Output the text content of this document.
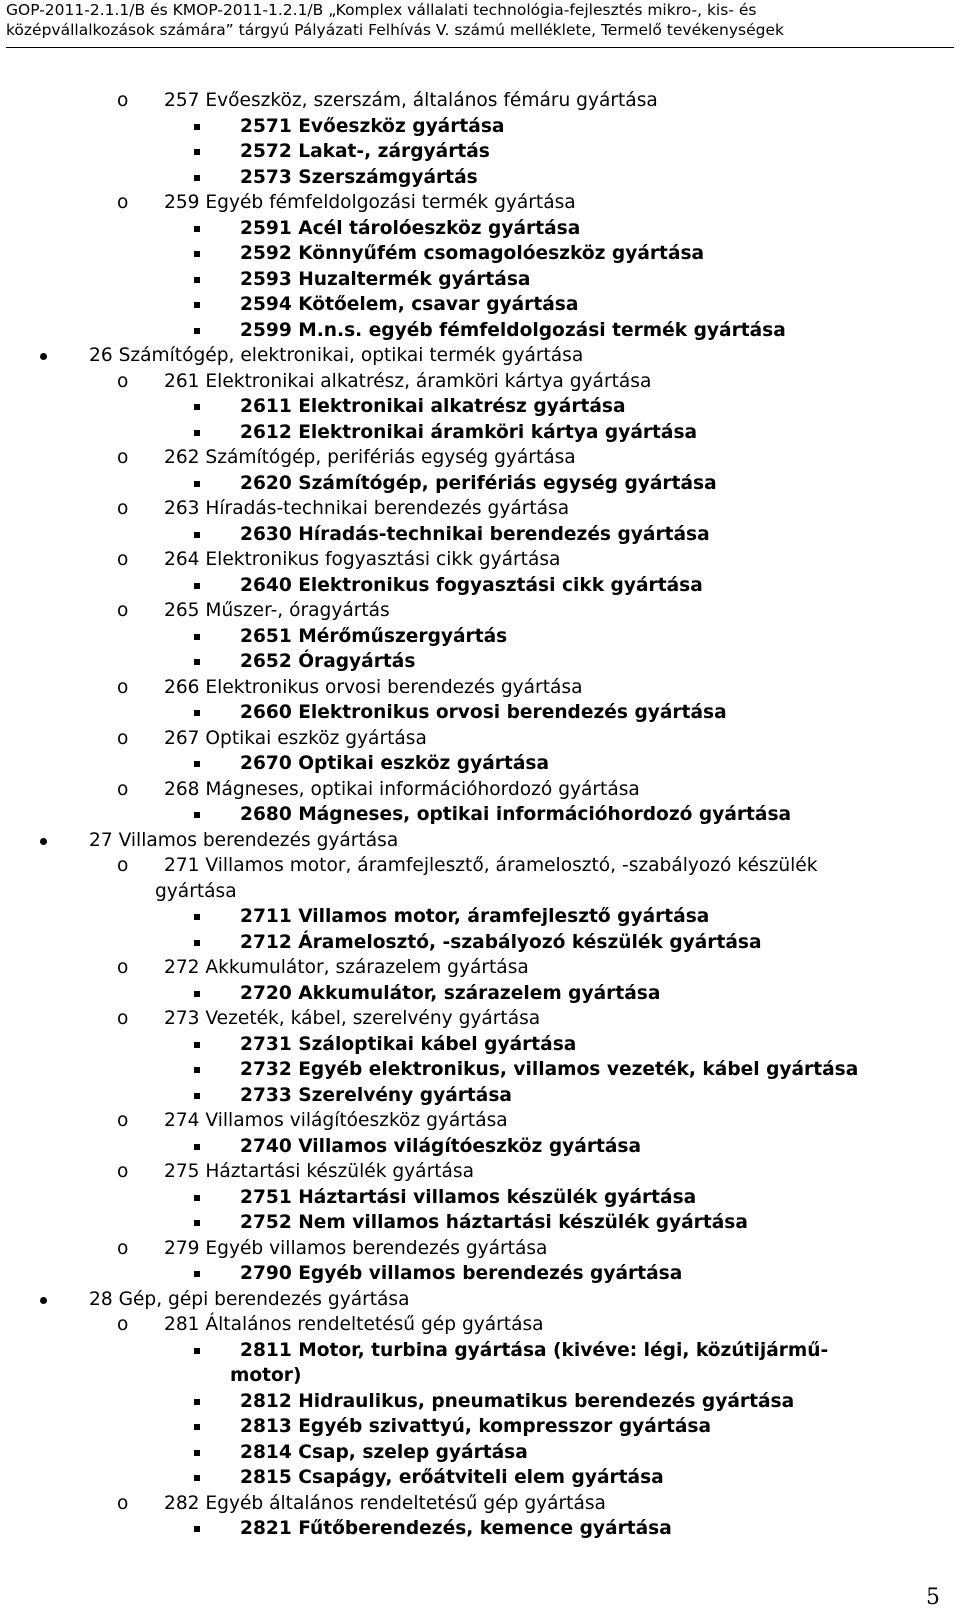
GOP-2011-2.1.1/B és KMOP-2011-1.2.1/B „Komplex vállalati technológia-fejlesztés mikro-, kis- és
középvállalkozások számára” tárgyú Pályázati Felhívás V. számú melléklete, Termelő tevékenységek
o 257 Evőeszköz, szerszám, általános fémáru gyártása
2571 Evőeszköz gyártása
2572 Lakat-, zárgyártás
2573 Szerszámgyártás
o 259 Egyéb fémfeldolgozási termék gyártása
2591 Acél tárolóeszköz gyártása
2592 Könnyűfém csomagolóeszköz gyártása
2593 Huzaltermék gyártása
2594 Kötőelem, csavar gyártása
2599 M.n.s. egyéb fémfeldolgozási termék gyártása
26 Számítógép, elektronikai, optikai termék gyártása
o 261 Elektronikai alkatrész, áramköri kártya gyártása
2611 Elektronikai alkatrész gyártása
2612 Elektronikai áramköri kártya gyártása
o 262 Számítógép, perifériás egység gyártása
2620 Számítógép, perifériás egység gyártása
o 263 Híradás-technikai berendezés gyártása
2630 Híradás-technikai berendezés gyártása
o 264 Elektronikus fogyasztási cikk gyártása
2640 Elektronikus fogyasztási cikk gyártása
o 265 Műszer-, óragyártás
2651 Mérőműszergyártás
2652 Óragyártás
o 266 Elektronikus orvosi berendezés gyártása
2660 Elektronikus orvosi berendezés gyártása
o 267 Optikai eszköz gyártása
2670 Optikai eszköz gyártása
o 268 Mágneses, optikai információhordozó gyártása
2680 Mágneses, optikai információhordozó gyártása
27 Villamos berendezés gyártása
o 271 Villamos motor, áramfejlesztő, áramelosztó, -szabályozó készülék
gyártása
2711 Villamos motor, áramfejlesztő gyártása
2712 Árameloszt​ó, -szabályozó készülék gyártása
o 272 Akkumulátor, szárazelem gyártása
2720 Akkumulátor, szárazelem gyártása
o 273 Vezeték, kábel, szerelvény gyártása
2731 Száloptikai kábel gyártása
2732 Egyéb elektronikus, villamos vezeték, kábel gyártása
2733 Szerelvény gyártása
o 274 Villamos világítóeszköz gyártása
2740 Villamos világítóeszköz gyártása
o 275 Háztartási készülék gyártása
2751 Háztartási villamos készülék gyártása
2752 Nem villamos háztartási készülék gyártása
o 279 Egyéb villamos berendezés gyártása
2790 Egyéb villamos berendezés gyártása
28 Gép, gépi berendezés gyártása
o 281 Általános rendeltetésű gép gyártása
2811 Motor, turbina gyártása (kivéve: légi, közútijármű-
motor)
2812 Hidraulikus, pneumatikus berendezés gyártása
2813 Egyéb szivattyú, kompresszor gyártása
2814 Csap, szelep gyártása
2815 Csapágy, erőátviteli elem gyártása
o 282 Egyéb általános rendeltetésű gép gyártása
2821 Fűtőberendezés, kemence gyártása
5
